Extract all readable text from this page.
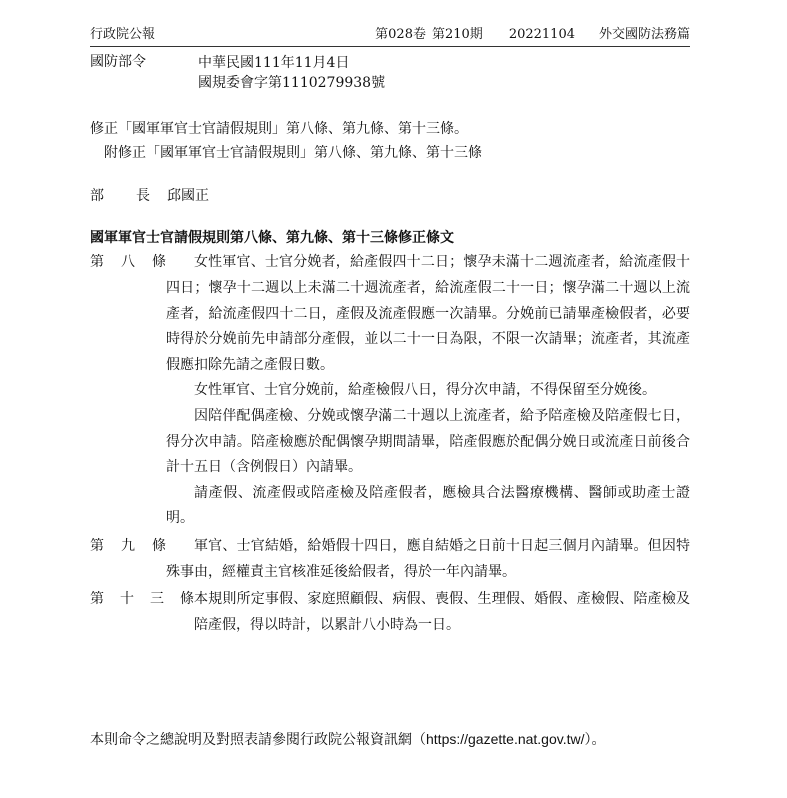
行政院公報	第028卷 第210期 20221104 外交國防法務篇
國防部令	中華民國111年11月4日
國規委會字第1110279938號
修正「國軍軍官士官請假規則」第八條、第九條、第十三條。
附修正「國軍軍官士官請假規則」第八條、第九條、第十三條
部	長	邱國正
國軍軍官士官請假規則第八條、第九條、第十三條修正條文
第 八 條	女性軍官、士官分娩者，給產假四十二日；懷孕未滿十二週流產者，給流產假十四日；懷孕十二週以上未滿二十週流產者，給流產假二十一日；懷孕滿二十週以上流產者，給流產假四十二日，產假及流產假應一次請畢。分娩前已請畢產檢假者，必要時得於分娩前先申請部分產假，並以二十一日為限，不限一次請畢；流產者，其流產假應扣除先請之產假日數。

女性軍官、士官分娩前，給產檢假八日，得分次申請，不得保留至分娩後。

因陪伴配偶產檢、分娩或懷孕滿二十週以上流產者，給予陪產檢及陪產假七日，得分次申請。陪產檢應於配偶懷孕期間請畢，陪產假應於配偶分娩日或流產日前後合計十五日（含例假日）內請畢。

請產假、流產假或陪產檢及陪產假者，應檢具合法醫療機構、醫師或助產士證明。

第 九 條	軍官、士官結婚，給婚假十四日，應自結婚之日前十日起三個月內請畢。但因特殊事由，經權責主官核准延後給假者，得於一年內請畢。

第 十 三 條 本規則所定事假、家庭照顧假、病假、喪假、生理假、婚假、產檢假、陪產檢及陪產假，得以時計，以累計八小時為一日。

本則命令之總說明及對照表請參閱行政院公報資訊網（https://gazette.nat.gov.tw/）。
